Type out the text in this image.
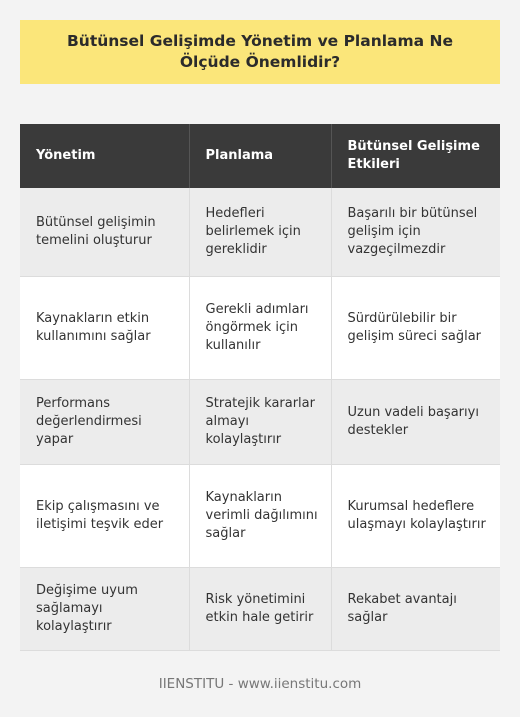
Bütünsel Gelişimde Yönetim ve Planlama Ne Ölçüde Önemlidir?
Yönetim	Planlama	Bütünsel Gelişime Etkileri
Bütünsel gelişimin temelini oluşturur	Hedefleri belirlemek için gereklidir	Başarılı bir bütünsel gelişim için vazgeçilmezdir
Kaynakların etkin kullanımını sağlar	Gerekli adımları öngörmek için kullanılır	Sürdürülebilir bir gelişim süreci sağlar
Performans değerlendirmesi yapar	Stratejik kararlar almayı kolaylaştırır	Uzun vadeli başarıyı destekler
Ekip çalışmasını ve iletişimi teşvik eder	Kaynakların verimli dağılımını sağlar	Kurumsal hedeflere ulaşmayı kolaylaştırır
Değişime uyum sağlamayı kolaylaştırır	Risk yönetimini etkin hale getirir	Rekabet avantajı sağlar
IIENSTITU - www.iienstitu.com
